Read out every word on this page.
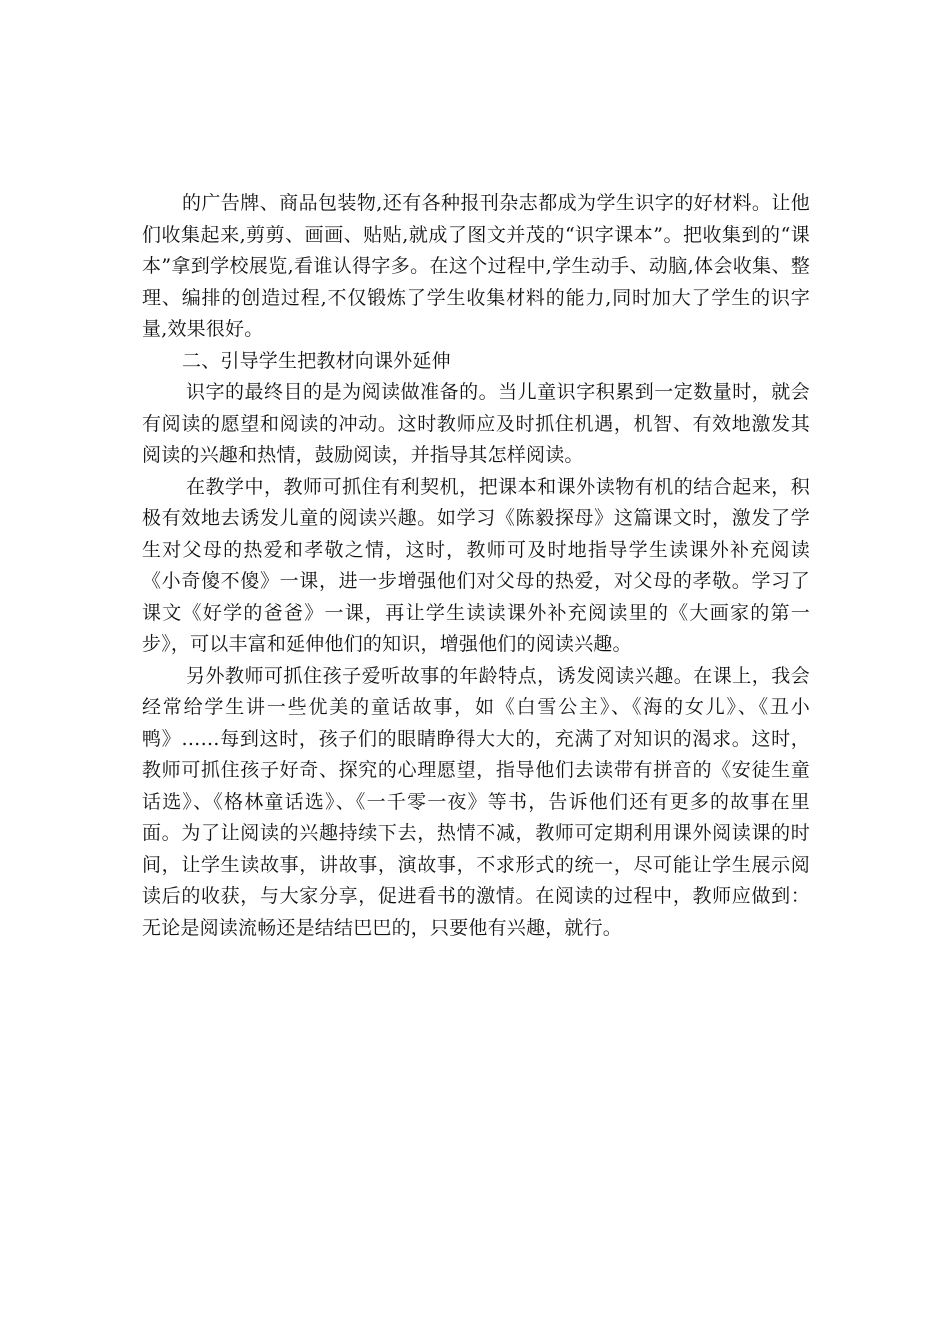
的广告牌、商品包装物,还有各种报刊杂志都成为学生识字的好材料。让他们收集起来,剪剪、画画、贴贴,就成了图文并茂的“识字课本”。把收集到的“课本”拿到学校展览,看谁认得字多。在这个过程中,学生动手、动脑,体会收集、整理、编排的创造过程,不仅锻炼了学生收集材料的能力,同时加大了学生的识字量,效果很好。

二、引导学生把教材向课外延伸

识字的最终目的是为阅读做准备的。当儿童识字积累到一定数量时，就会有阅读的愿望和阅读的冲动。这时教师应及时抓住机遇，机智、有效地激发其阅读的兴趣和热情，鼓励阅读，并指导其怎样阅读。

在教学中，教师可抓住有利契机，把课本和课外读物有机的结合起来，积极有效地去诱发儿童的阅读兴趣。如学习《陈毅探母》这篇课文时，激发了学生对父母的热爱和孝敬之情，这时，教师可及时地指导学生读课外补充阅读《小奇傻不傻》一课，进一步增强他们对父母的热爱，对父母的孝敬。学习了课文《好学的爸爸》一课，再让学生读读课外补充阅读里的《大画家的第一步》，可以丰富和延伸他们的知识，增强他们的阅读兴趣。

另外教师可抓住孩子爱听故事的年龄特点，诱发阅读兴趣。在课上，我会经常给学生讲一些优美的童话故事，如《白雪公主》、《海的女儿》、《丑小鸭》……每到这时，孩子们的眼睛睁得大大的，充满了对知识的渴求。这时，教师可抓住孩子好奇、探究的心理愿望，指导他们去读带有拼音的《安徒生童话选》、《格林童话选》、《一千零一夜》等书，告诉他们还有更多的故事在里面。为了让阅读的兴趣持续下去，热情不减，教师可定期利用课外阅读课的时间，让学生读故事，讲故事，演故事，不求形式的统一，尽可能让学生展示阅读后的收获，与大家分享，促进看书的激情。在阅读的过程中，教师应做到：无论是阅读流畅还是结结巴巴的，只要他有兴趣，就行。
